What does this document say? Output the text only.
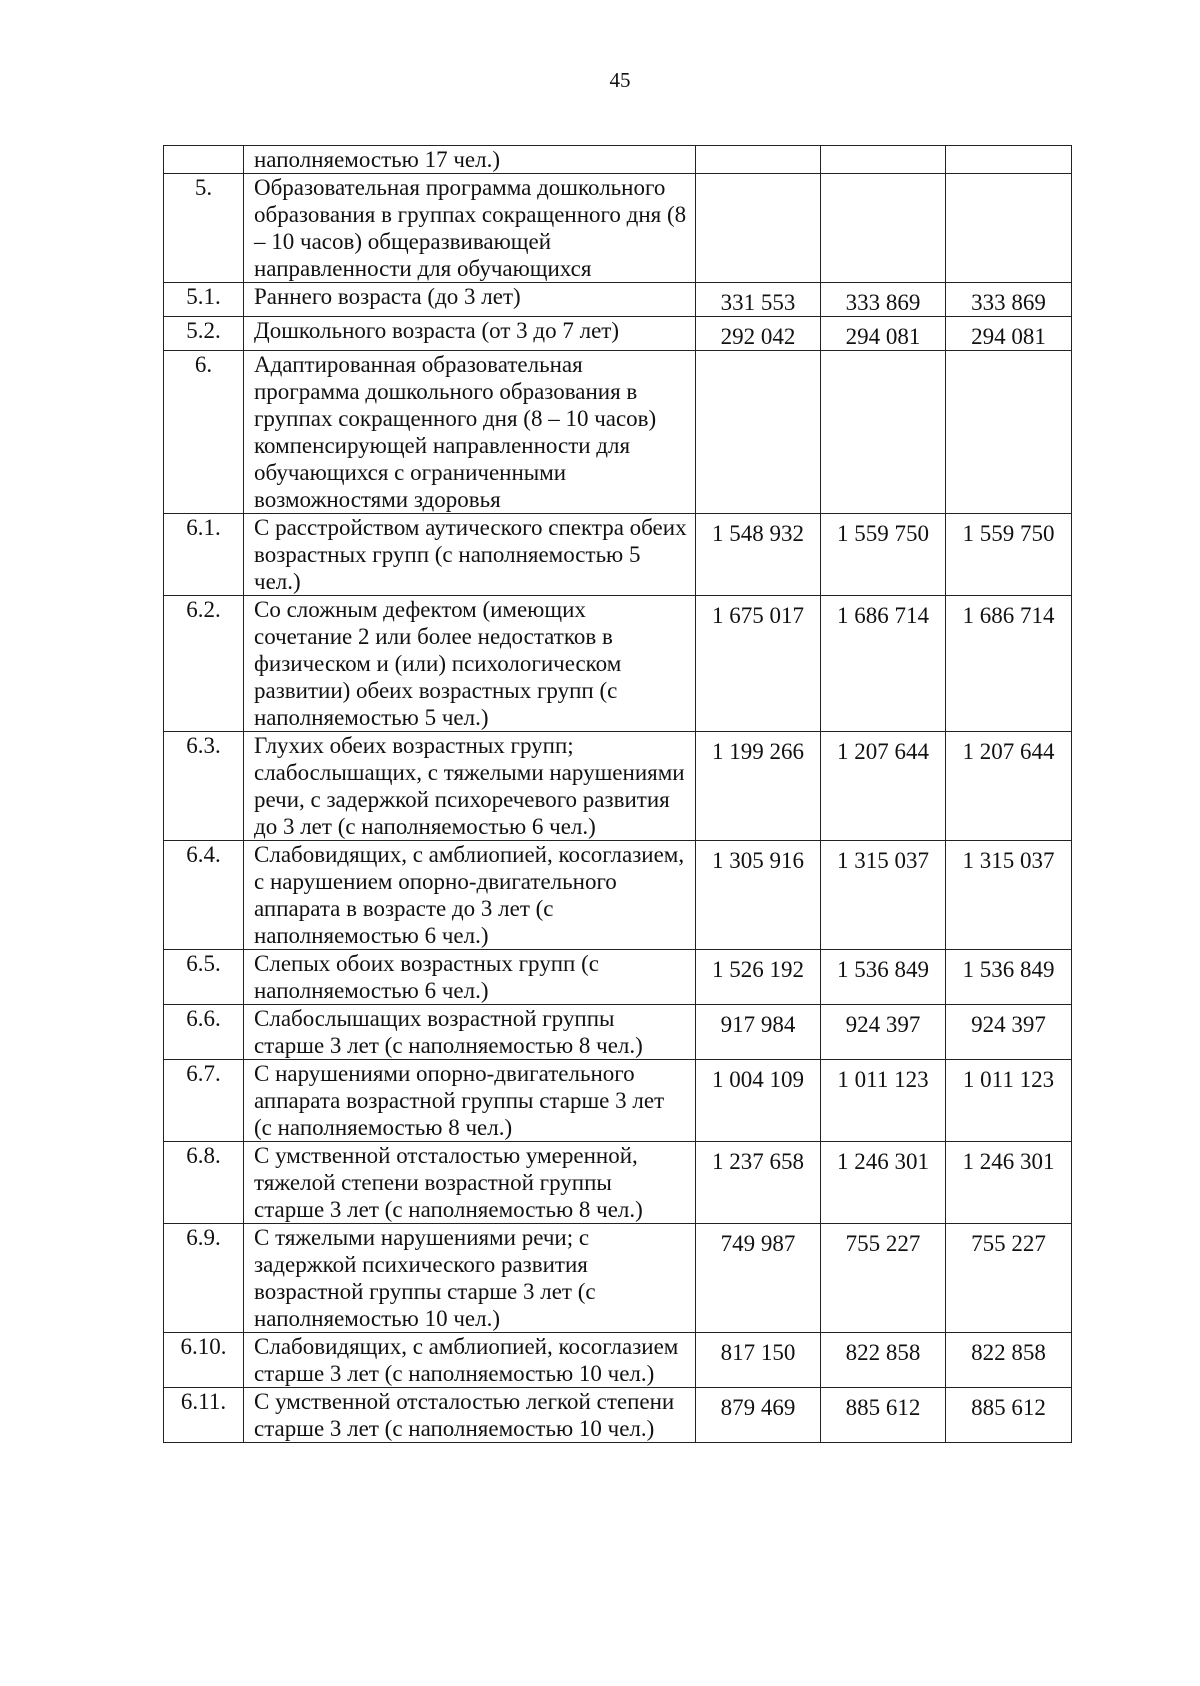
45
	наполняемостью 17 чел.)			
5.	Образовательная программа дошкольного образования в группах сокращенного дня (8 – 10 часов) общеразвивающей направленности для обучающихся			
5.1.	Раннего возраста (до 3 лет)	331 553	333 869	333 869
5.2.	Дошкольного возраста (от 3 до 7 лет)	292 042	294 081	294 081
6.	Адаптированная образовательная программа дошкольного образования в группах сокращенного дня (8 – 10 часов) компенсирующей направленности для обучающихся с ограниченными возможностями здоровья			
6.1.	С расстройством аутического спектра обеих возрастных групп (с наполняемостью 5 чел.)	1 548 932	1 559 750	1 559 750
6.2.	Со сложным дефектом (имеющих сочетание 2 или более недостатков в физическом и (или) психологическом развитии) обеих возрастных групп (с наполняемостью 5 чел.)	1 675 017	1 686 714	1 686 714
6.3.	Глухих обеих возрастных групп; слабослышащих, с тяжелыми нарушениями речи, с задержкой психоречевого развития до 3 лет (с наполняемостью 6 чел.)	1 199 266	1 207 644	1 207 644
6.4.	Слабовидящих, с амблиопией, косоглазием, с нарушением опорно-двигательного аппарата в возрасте до 3 лет (с наполняемостью 6 чел.)	1 305 916	1 315 037	1 315 037
6.5.	Слепых обоих возрастных групп (с наполняемостью 6 чел.)	1 526 192	1 536 849	1 536 849
6.6.	Слабослышащих возрастной группы старше 3 лет (с наполняемостью 8 чел.)	917 984	924 397	924 397
6.7.	С нарушениями опорно-двигательного аппарата возрастной группы старше 3 лет (с наполняемостью 8 чел.)	1 004 109	1 011 123	1 011 123
6.8.	С умственной отсталостью умеренной, тяжелой степени возрастной группы старше 3 лет (с наполняемостью 8 чел.)	1 237 658	1 246 301	1 246 301
6.9.	С тяжелыми нарушениями речи; с задержкой психического развития возрастной группы старше 3 лет (с наполняемостью 10 чел.)	749 987	755 227	755 227
6.10.	Слабовидящих, с амблиопией, косоглазием старше 3 лет (с наполняемостью 10 чел.)	817 150	822 858	822 858
6.11.	С умственной отсталостью легкой степени старше 3 лет (с наполняемостью 10 чел.)	879 469	885 612	885 612
